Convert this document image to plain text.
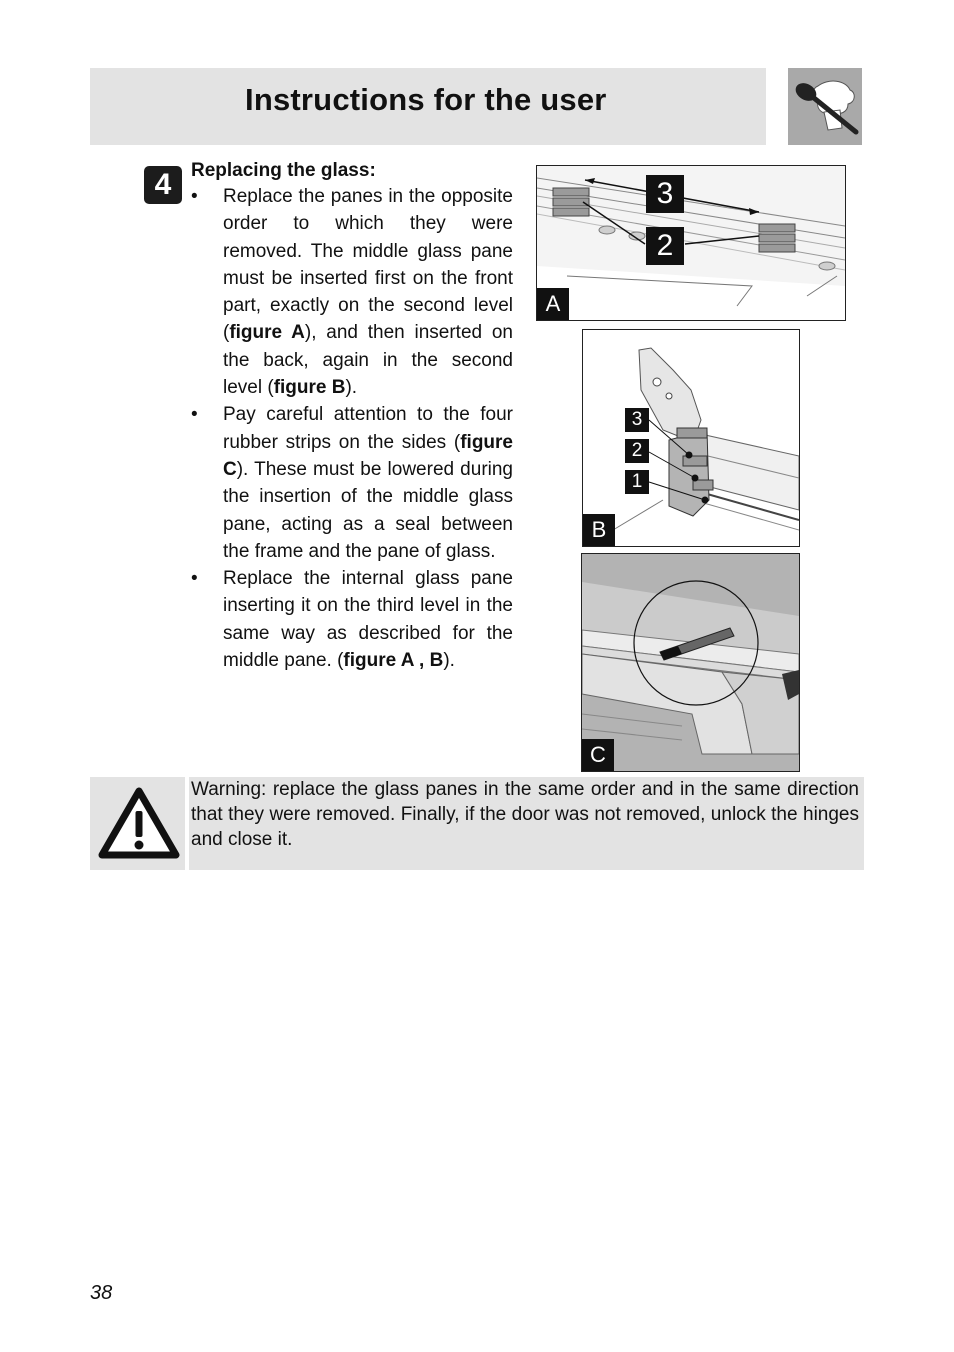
Instructions for the user
4	Replacing the glass:
• Replace the panes in the opposite order to which they were removed. The middle glass pane must be inserted first on the front part, exactly on the second level (figure A), and then inserted on the back, again in the second level (figure B).
• Pay careful attention to the four rubber strips on the sides (figure C). These must be lowered during the insertion of the middle glass pane, acting as a seal between the frame and the pane of glass.
• Replace the internal glass pane inserting it on the third level in the same way as described for the middle pane. (figure A , B).
3
2
A
3
2
1
B
C
Warning: replace the glass panes in the same order and in the same direction that they were removed. Finally, if the door was not removed, unlock the hinges and close it.
38
